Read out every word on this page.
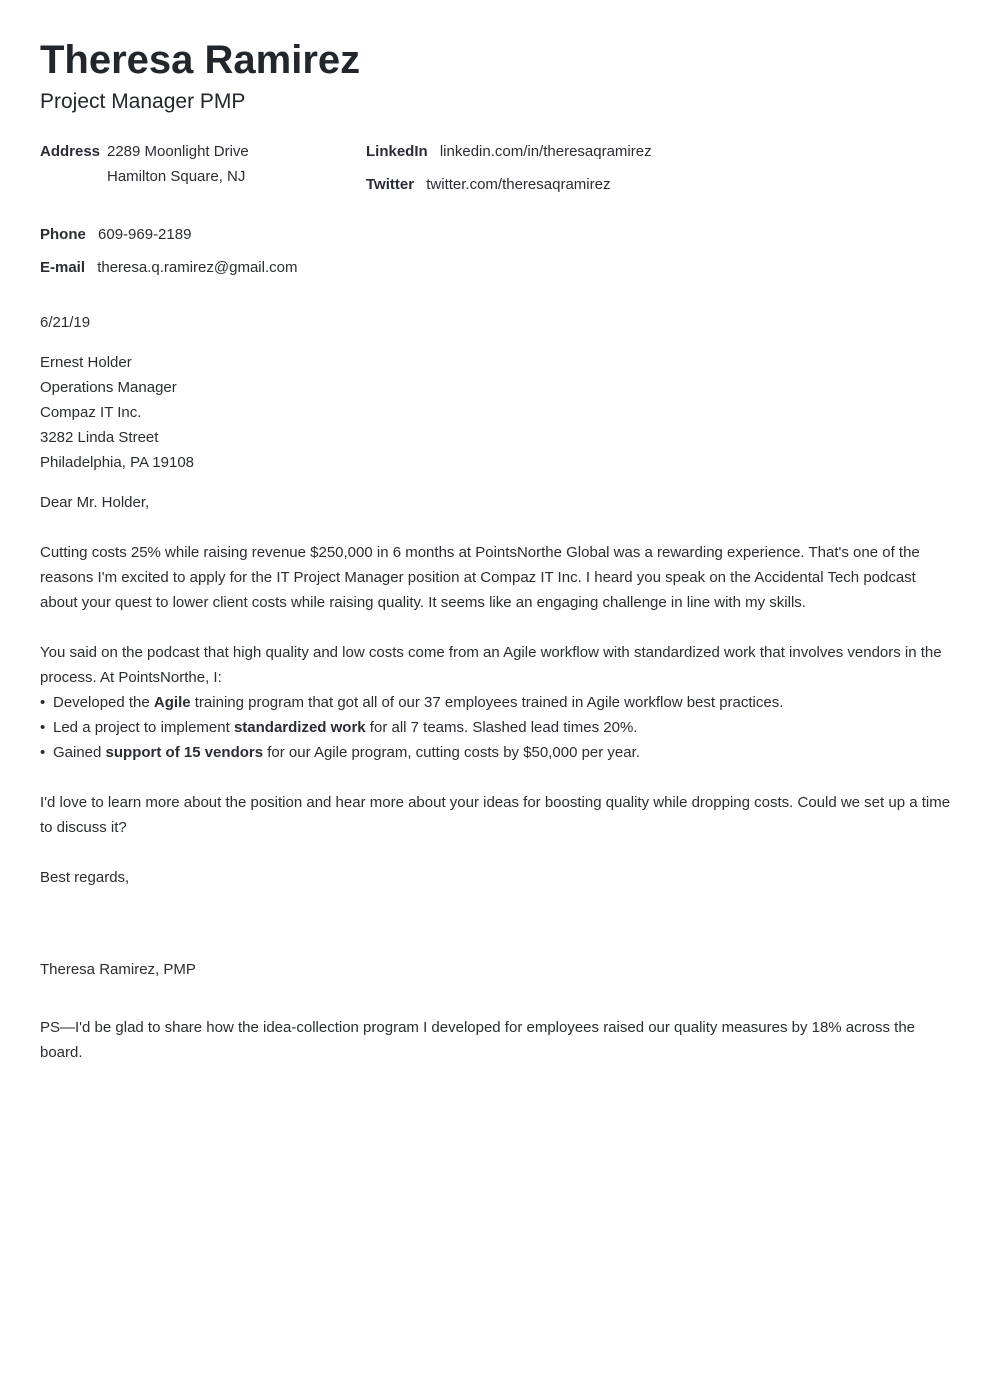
Theresa Ramirez
Project Manager PMP
Address 2289 Moonlight Drive
Hamilton Square, NJ
LinkedIn linkedin.com/in/theresaqramirez
Twitter twitter.com/theresaqramirez
Phone 609-969-2189
E-mail theresa.q.ramirez@gmail.com
6/21/19
Ernest Holder
Operations Manager
Compaz IT Inc.
3282 Linda Street
Philadelphia, PA 19108
Dear Mr. Holder,
Cutting costs 25% while raising revenue $250,000 in 6 months at PointsNorthe Global was a rewarding experience. That's one of the reasons I'm excited to apply for the IT Project Manager position at Compaz IT Inc. I heard you speak on the Accidental Tech podcast about your quest to lower client costs while raising quality. It seems like an engaging challenge in line with my skills.
You said on the podcast that high quality and low costs come from an Agile workflow with standardized work that involves vendors in the process. At PointsNorthe, I:
• Developed the Agile training program that got all of our 37 employees trained in Agile workflow best practices.
• Led a project to implement standardized work for all 7 teams. Slashed lead times 20%.
• Gained support of 15 vendors for our Agile program, cutting costs by $50,000 per year.
I'd love to learn more about the position and hear more about your ideas for boosting quality while dropping costs. Could we set up a time to discuss it?
Best regards,
Theresa Ramirez, PMP
PS—I'd be glad to share how the idea-collection program I developed for employees raised our quality measures by 18% across the board.
